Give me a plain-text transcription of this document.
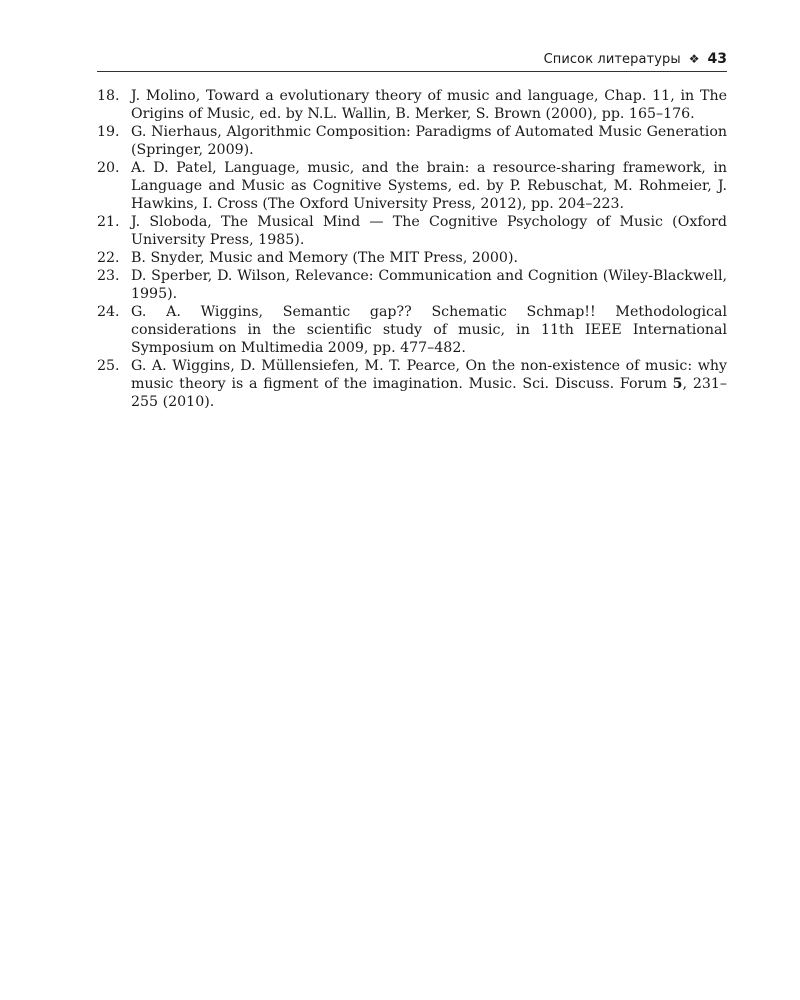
Список литературы ❖ 43
18. J. Molino, Toward a evolutionary theory of music and language, Chap. 11, in The Origins of Music, ed. by N.L. Wallin, B. Merker, S. Brown (2000), pp. 165–176.
19. G. Nierhaus, Algorithmic Composition: Paradigms of Automated Music Generation (Springer, 2009).
20. A. D. Patel, Language, music, and the brain: a resource-sharing framework, in Language and Music as Cognitive Systems, ed. by P. Rebuschat, M. Rohmeier, J. Hawkins, I. Cross (The Oxford University Press, 2012), pp. 204–223.
21. J. Sloboda, The Musical Mind — The Cognitive Psychology of Music (Oxford University Press, 1985).
22. B. Snyder, Music and Memory (The MIT Press, 2000).
23. D. Sperber, D. Wilson, Relevance: Communication and Cognition (Wiley-Blackwell, 1995).
24. G. A. Wiggins, Semantic gap?? Schematic Schmap!! Methodological considerations in the scientific study of music, in 11th IEEE International Symposium on Multimedia 2009, pp. 477–482.
25. G. A. Wiggins, D. Müllensiefen, M. T. Pearce, On the non-existence of music: why music theory is a figment of the imagination. Music. Sci. Discuss. Forum 5, 231–255 (2010).
